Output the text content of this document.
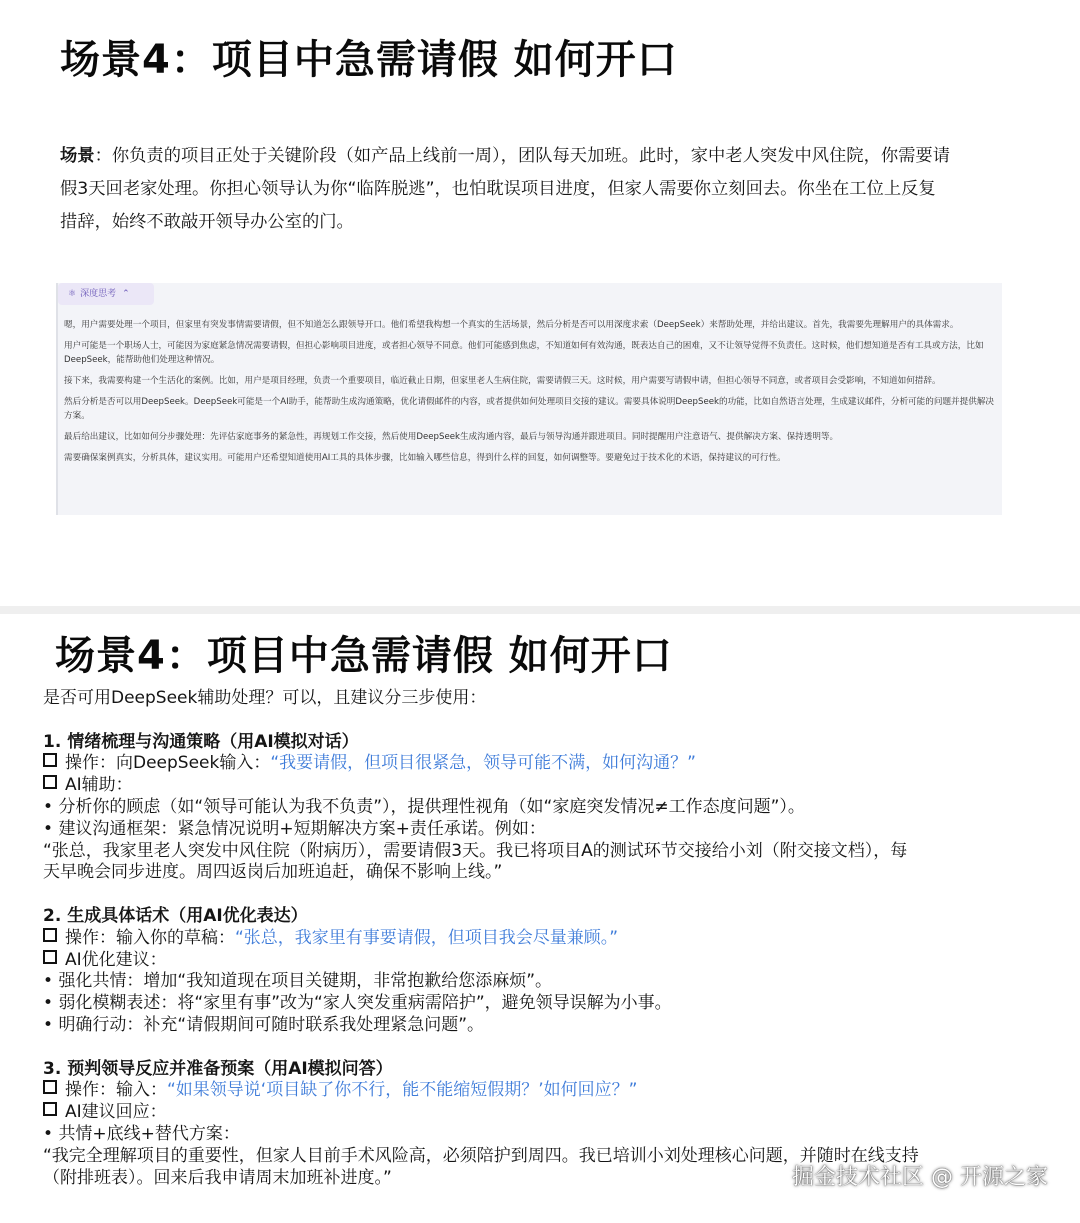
场景4：项目中急需请假 如何开口
场景：你负责的项目正处于关键阶段（如产品上线前一周），团队每天加班。此时，家中老人突发中风住院，你需要请假3天回老家处理。你担心领导认为你“临阵脱逃”，也怕耽误项目进度，但家人需要你立刻回去。你坐在工位上反复措辞，始终不敢敲开领导办公室的门。
⚛ 深度思考 ⌃

嗯，用户需要处理一个项目，但家里有突发事情需要请假，但不知道怎么跟领导开口。他们希望我构想一个真实的生活场景，然后分析是否可以用深度求索（DeepSeek）来帮助处理，并给出建议。首先，我需要先理解用户的具体需求。

用户可能是一个职场人士，可能因为家庭紧急情况需要请假，但担心影响项目进度，或者担心领导不同意。他们可能感到焦虑，不知道如何有效沟通，既表达自己的困难，又不让领导觉得不负责任。这时候，他们想知道是否有工具或方法，比如DeepSeek，能帮助他们处理这种情况。

接下来，我需要构建一个生活化的案例。比如，用户是项目经理，负责一个重要项目，临近截止日期，但家里老人生病住院，需要请假三天。这时候，用户需要写请假申请，但担心领导不同意，或者项目会受影响，不知道如何措辞。

然后分析是否可以用DeepSeek。DeepSeek可能是一个AI助手，能帮助生成沟通策略，优化请假邮件的内容，或者提供如何处理项目交接的建议。需要具体说明DeepSeek的功能，比如自然语言处理，生成建议邮件，分析可能的问题并提供解决方案。

最后给出建议，比如如何分步骤处理：先评估家庭事务的紧急性，再规划工作交接，然后使用DeepSeek生成沟通内容，最后与领导沟通并跟进项目。同时提醒用户注意语气、提供解决方案、保持透明等。

需要确保案例真实，分析具体，建议实用。可能用户还希望知道使用AI工具的具体步骤，比如输入哪些信息，得到什么样的回复，如何调整等。要避免过于技术化的术语，保持建议的可行性。

场景4：项目中急需请假 如何开口
是否可用DeepSeek辅助处理？可以，且建议分三步使用：
1. 情绪梳理与沟通策略（用AI模拟对话）
操作：向DeepSeek输入：“我要请假，但项目很紧急，领导可能不满，如何沟通？”
AI辅助：
• 分析你的顾虑（如“领导可能认为我不负责”），提供理性视角（如“家庭突发情况≠工作态度问题”）。
• 建议沟通框架：紧急情况说明+短期解决方案+责任承诺。例如：
“张总，我家里老人突发中风住院（附病历），需要请假3天。我已将项目A的测试环节交接给小刘（附交接文档），每天早晚会同步进度。周四返岗后加班追赶，确保不影响上线。”
2. 生成具体话术（用AI优化表达）
操作：输入你的草稿：“张总，我家里有事要请假，但项目我会尽量兼顾。”
AI优化建议：
• 强化共情：增加“我知道现在项目关键期，非常抱歉给您添麻烦”。
• 弱化模糊表述：将“家里有事”改为“家人突发重病需陪护”，避免领导误解为小事。
• 明确行动：补充“请假期间可随时联系我处理紧急问题”。
3. 预判领导反应并准备预案（用AI模拟问答）
操作：输入：“如果领导说‘项目缺了你不行，能不能缩短假期？’如何回应？”
AI建议回应：
• 共情+底线+替代方案：
“我完全理解项目的重要性，但家人目前手术风险高，必须陪护到周四。我已培训小刘处理核心问题，并随时在线支持（附排班表）。回来后我申请周末加班补进度。”	掘金技术社区 @ 开源之家
